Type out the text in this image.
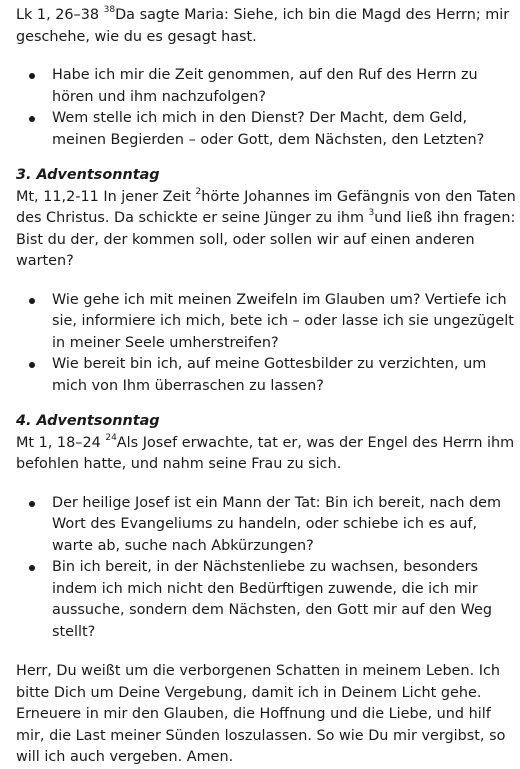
Lk 1, 26–38 $^{38}$Da sagte Maria: Siehe, ich bin die Magd des Herrn; mir geschehe, wie du es gesagt hast.

Habe ich mir die Zeit genommen, auf den Ruf des Herrn zu hören und ihm nachzufolgen?
Wem stelle ich mich in den Dienst? Der Macht, dem Geld, meinen Begierden – oder Gott, dem Nächsten, den Letzten?

3. Adventsonntag

Mt, 11,2-11 In jener Zeit $^2$hörte Johannes im Gefängnis von den Taten des Christus. Da schickte er seine Jünger zu ihm $^3$und ließ ihn fragen: Bist du der, der kommen soll, oder sollen wir auf einen anderen warten?

Wie gehe ich mit meinen Zweifeln im Glauben um? Vertiefe ich sie, informiere ich mich, bete ich – oder lasse ich sie ungezügelt in meiner Seele umherstreifen?
Wie bereit bin ich, auf meine Gottesbilder zu verzichten, um mich von Ihm überraschen zu lassen?

4. Adventsonntag

Mt 1, 18–24 $^{24}$Als Josef erwachte, tat er, was der Engel des Herrn ihm befohlen hatte, und nahm seine Frau zu sich.

Der heilige Josef ist ein Mann der Tat: Bin ich bereit, nach dem Wort des Evangeliums zu handeln, oder schiebe ich es auf, warte ab, suche nach Abkürzungen?
Bin ich bereit, in der Nächstenliebe zu wachsen, besonders indem ich mich nicht den Bedürftigen zuwende, die ich mir aussuche, sondern dem Nächsten, den Gott mir auf den Weg stellt?

Herr, Du weißt um die verborgenen Schatten in meinem Leben. Ich bitte Dich um Deine Vergebung, damit ich in Deinem Licht gehe. Erneuere in mir den Glauben, die Hoffnung und die Liebe, und hilf mir, die Last meiner Sünden loszulassen. So wie Du mir vergibst, so will ich auch vergeben. Amen.
